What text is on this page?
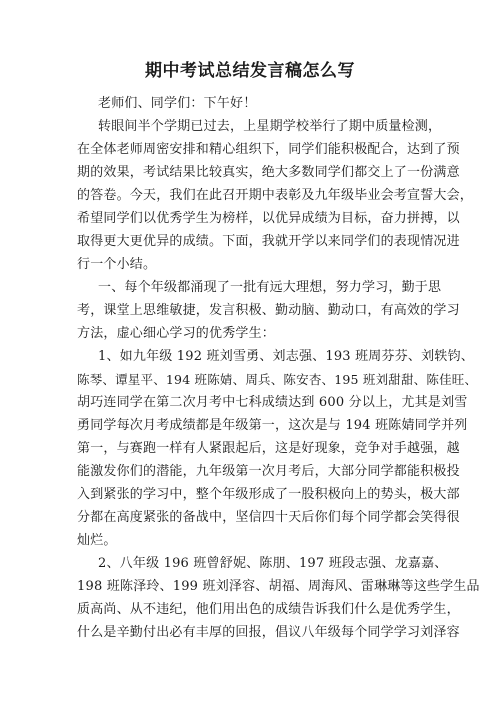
期中考试总结发言稿怎么写
老师们、同学们：下午好！
转眼间半个学期已过去，上星期学校举行了期中质量检测，
在全体老师周密安排和精心组织下，同学们能积极配合，达到了预
期的效果，考试结果比较真实，绝大多数同学们都交上了一份满意
的答卷。今天，我们在此召开期中表彰及九年级毕业会考宣誓大会，
希望同学们以优秀学生为榜样，以优异成绩为目标，奋力拼搏，以
取得更大更优异的成绩。下面，我就开学以来同学们的表现情况进
行一个小结。
一、每个年级都涌现了一批有远大理想，努力学习，勤于思
考，课堂上思维敏捷，发言积极、勤动脑、勤动口，有高效的学习
方法，虚心细心学习的优秀学生：
1、如九年级 192 班刘雪勇、刘志强、193 班周芬芬、刘轶钧、
陈琴、谭星平、194 班陈婧、周兵、陈安杏、195 班刘甜甜、陈佳旺、
胡巧连同学在第二次月考中七科成绩达到 600 分以上，尤其是刘雪
勇同学每次月考成绩都是年级第一，这次是与 194 班陈婧同学并列
第一，与赛跑一样有人紧跟起后，这是好现象，竞争对手越强，越
能激发你们的潜能，九年级第一次月考后，大部分同学都能积极投
入到紧张的学习中，整个年级形成了一股积极向上的势头，极大部
分都在高度紧张的备战中，坚信四十天后你们每个同学都会笑得很
灿烂。
2、八年级 196 班曾舒妮、陈朋、197 班段志强、龙嘉嘉、
198 班陈泽玲、199 班刘泽容、胡福、周海风、雷琳琳等这些学生品
质高尚、从不违纪，他们用出色的成绩告诉我们什么是优秀学生，
什么是辛勤付出必有丰厚的回报，倡议八年级每个同学学习刘泽容
